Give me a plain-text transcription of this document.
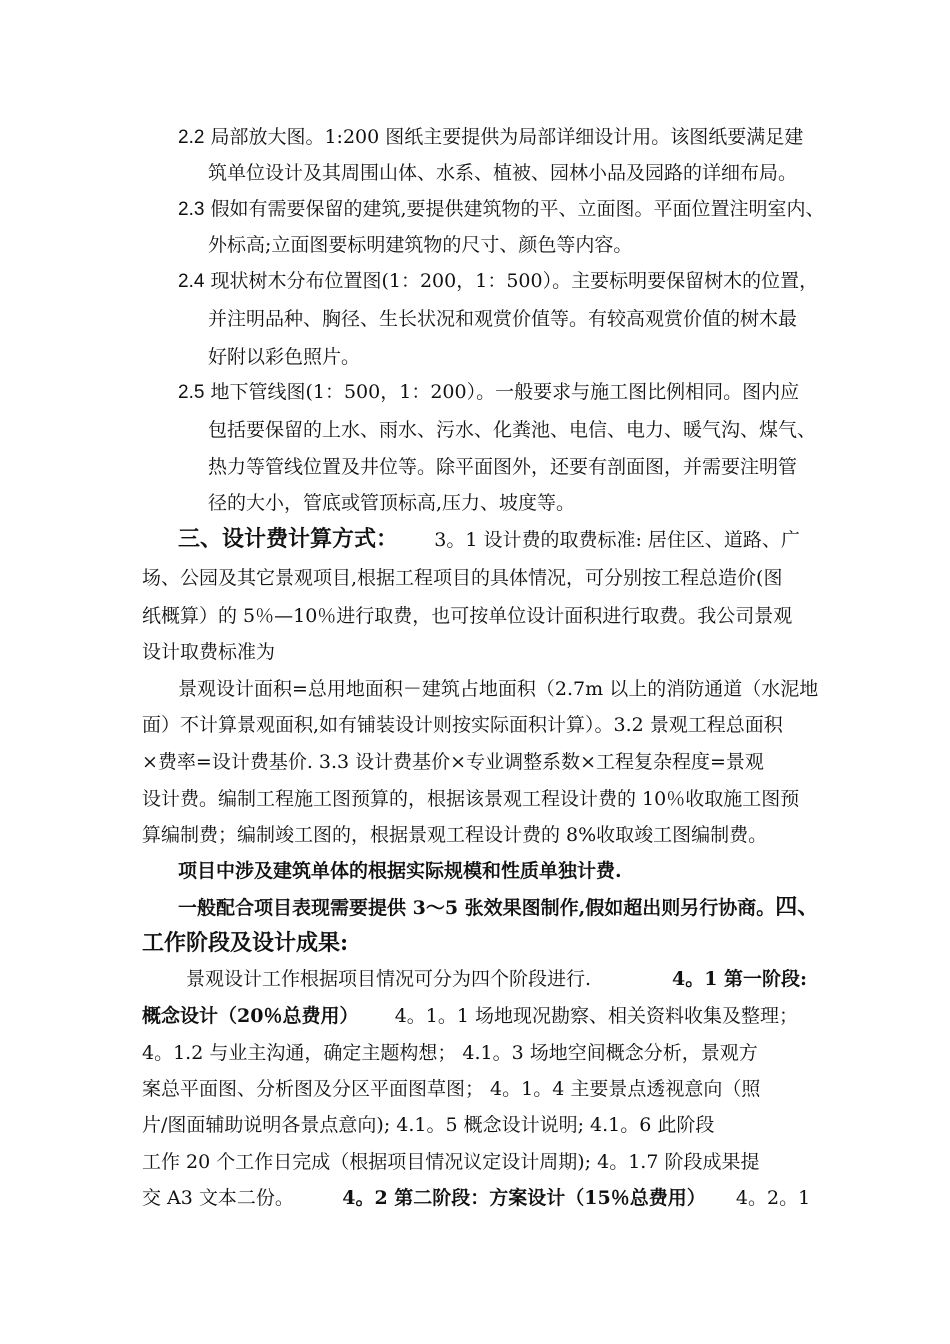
2.2 局部放大图。1:200 图纸主要提供为局部详细设计用。该图纸要满足建
筑单位设计及其周围山体、水系、植被、园林小品及园路的详细布局。
2.3 假如有需要保留的建筑,要提供建筑物的平、立面图。平面位置注明室内、
外标高;立面图要标明建筑物的尺寸、颜色等内容。
2.4 现状树木分布位置图(1：200，1：500）。主要标明要保留树木的位置，
并注明品种、胸径、生长状况和观赏价值等。有较高观赏价值的树木最
好附以彩色照片。
2.5 地下管线图(1：500，1：200）。一般要求与施工图比例相同。图内应
包括要保留的上水、雨水、污水、化粪池、电信、电力、暖气沟、煤气、
热力等管线位置及井位等。除平面图外，还要有剖面图，并需要注明管
径的大小，管底或管顶标高,压力、坡度等。
三、设计费计算方式： 3。1 设计费的取费标准: 居住区、道路、广
场、公园及其它景观项目,根据工程项目的具体情况，可分别按工程总造价(图
纸概算）的 5％—10％进行取费，也可按单位设计面积进行取费。我公司景观
设计取费标准为
景观设计面积=总用地面积－建筑占地面积（2.7m 以上的消防通道（水泥地
面）不计算景观面积,如有铺装设计则按实际面积计算）。3.2 景观工程总面积
×费率=设计费基价. 3.3 设计费基价×专业调整系数×工程复杂程度=景观
设计费。编制工程施工图预算的，根据该景观工程设计费的 10％收取施工图预
算编制费；编制竣工图的，根据景观工程设计费的 8%收取竣工图编制费。
项目中涉及建筑单体的根据实际规模和性质单独计费.
一般配合项目表现需要提供 3～5 张效果图制作,假如超出则另行协商。四、
工作阶段及设计成果:
景观设计工作根据项目情况可分为四个阶段进行.	4。1 第一阶段:
概念设计（20％总费用） 4。1。1 场地现况勘察、相关资料收集及整理；
4。1.2 与业主沟通，确定主题构想； 4.1。3 场地空间概念分析，景观方
案总平面图、分析图及分区平面图草图； 4。1。4 主要景点透视意向（照
片/图面辅助说明各景点意向); 4.1。5 概念设计说明; 4.1。6 此阶段
工作 20 个工作日完成（根据项目情况议定设计周期); 4。1.7 阶段成果提
交 A3 文本二份。	4。2 第二阶段：方案设计（15％总费用） 4。2。1
